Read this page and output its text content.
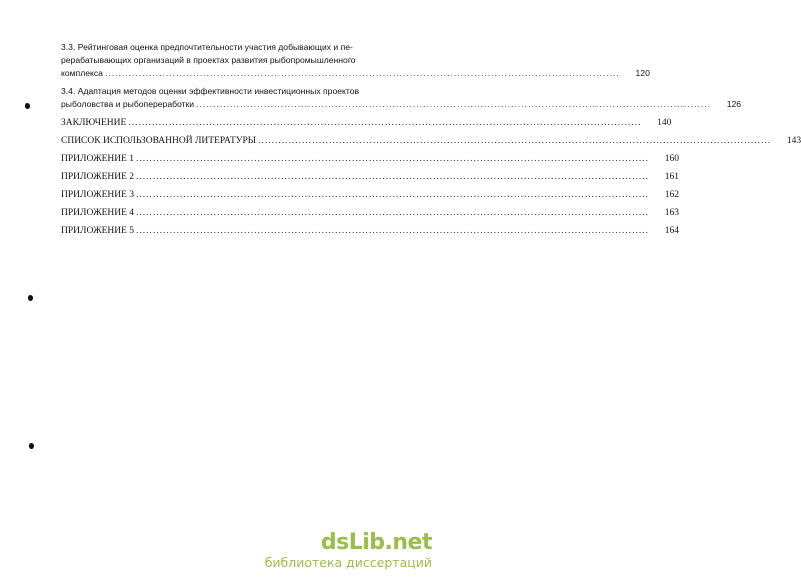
3.3. Рейтинговая оценка предпочтительности участия добывающих и пе-
рерабатывающих организаций в проектах развития рыбопромышленного
комплекса ........................................................................................................................................................	120
3.4. Адаптация методов оценки эффективности инвестиционных проектов
рыболовства и рыбопереработки ........................................................................................................................................................	126
ЗАКЛЮЧЕНИЕ ........................................................................................................................................................	140
СПИСОК ИСПОЛЬЗОВАННОЙ ЛИТЕРАТУРЫ ........................................................................................................................................................	143
ПРИЛОЖЕНИЕ 1 ........................................................................................................................................................	160
ПРИЛОЖЕНИЕ 2 ........................................................................................................................................................	161
ПРИЛОЖЕНИЕ 3 ........................................................................................................................................................	162
ПРИЛОЖЕНИЕ 4 ........................................................................................................................................................	163
ПРИЛОЖЕНИЕ 5 ........................................................................................................................................................	164
dsLib.net
библиотека диссертаций
